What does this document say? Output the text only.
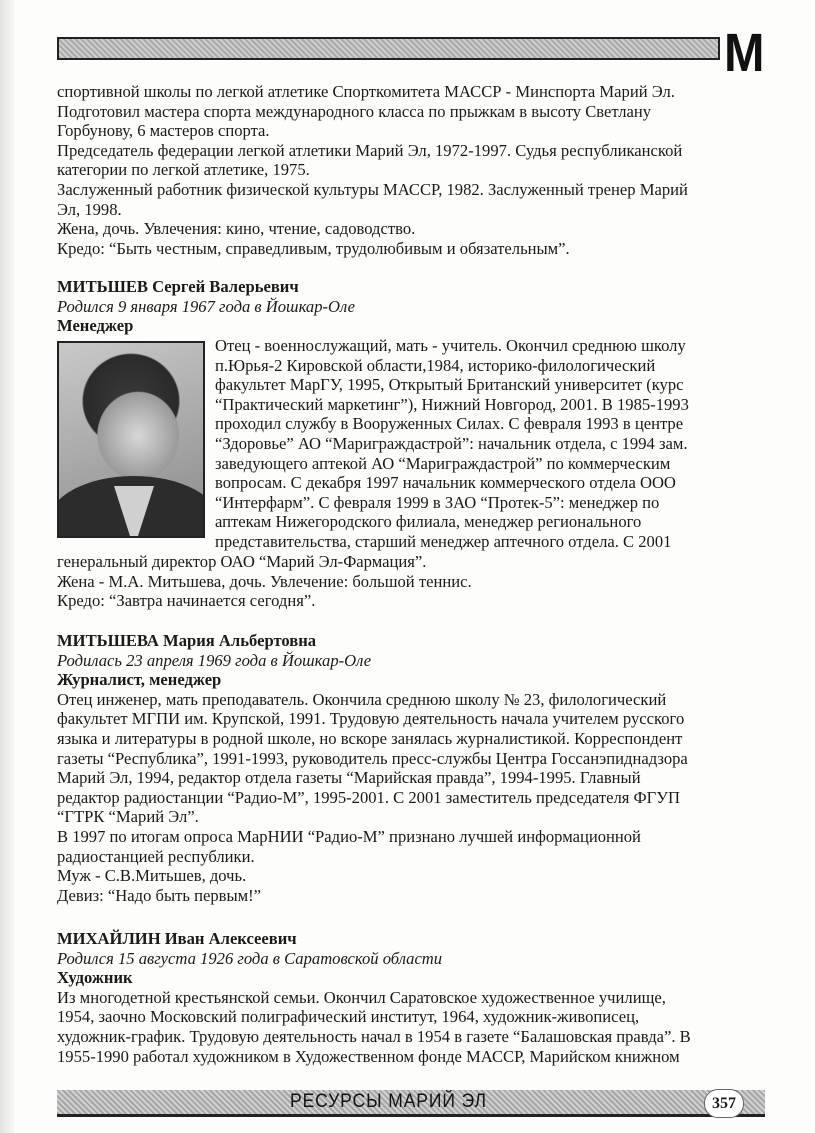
М
спортивной школы по легкой атлетике Спорткомитета МАССР - Минспорта Марий Эл.
Подготовил мастера спорта международного класса по прыжкам в высоту Светлану
Горбунову, 6 мастеров спорта.
Председатель федерации легкой атлетики Марий Эл, 1972-1997. Судья республиканской
категории по легкой атлетике, 1975.
Заслуженный работник физической культуры МАССР, 1982. Заслуженный тренер Марий
Эл, 1998.
Жена, дочь. Увлечения: кино, чтение, садоводство.
Кредо: “Быть честным, справедливым, трудолюбивым и обязательным”.
МИТЬШЕВ Сергей Валерьевич
Родился 9 января 1967 года в Йошкар-Оле
Менеджер
Отец - военнослужащий, мать - учитель. Окончил среднюю школу
п.Юрья-2 Кировской области,1984, историко-филологический
факультет МарГУ, 1995, Открытый Британский университет (курс
“Практический маркетинг”), Нижний Новгород, 2001. В 1985-1993
проходил службу в Вооруженных Силах. С февраля 1993 в центре
“Здоровье” АО “Мариграждастрой”: начальник отдела, с 1994 зам.
заведующего аптекой АО “Мариграждастрой” по коммерческим
вопросам. С декабря 1997 начальник коммерческого отдела ООО
“Интерфарм”. С февраля 1999 в ЗАО “Протек-5”: менеджер по
аптекам Нижегородского филиала, менеджер регионального
представительства, старший менеджер аптечного отдела. С 2001
генеральный директор ОАО “Марий Эл-Фармация”.
Жена - М.А. Митьшева, дочь. Увлечение: большой теннис.
Кредо: “Завтра начинается сегодня”.
МИТЬШЕВА Мария Альбертовна
Родилась 23 апреля 1969 года в Йошкар-Оле
Журналист, менеджер
Отец инженер, мать преподаватель. Окончила среднюю школу № 23, филологический
факультет МГПИ им. Крупской, 1991. Трудовую деятельность начала учителем русского
языка и литературы в родной школе, но вскоре занялась журналистикой. Корреспондент
газеты “Республика”, 1991-1993, руководитель пресс-службы Центра Госсанэпиднадзора
Марий Эл, 1994, редактор отдела газеты “Марийская правда”, 1994-1995. Главный
редактор радиостанции “Радио-М”, 1995-2001. С 2001 заместитель председателя ФГУП
“ГТРК “Марий Эл”.
В 1997 по итогам опроса МарНИИ “Радио-М” признано лучшей информационной
радиостанцией республики.
Муж - С.В.Митьшев, дочь.
Девиз: “Надо быть первым!”
МИХАЙЛИН Иван Алексеевич
Родился 15 августа 1926 года в Саратовской области
Художник
Из многодетной крестьянской семьи. Окончил Саратовское художественное училище,
1954, заочно Московский полиграфический институт, 1964, художник-живописец,
художник-график. Трудовую деятельность начал в 1954 в газете “Балашовская правда”. В
1955-1990 работал художником в Художественном фонде МАССР, Марийском книжном
РЕСУРСЫ МАРИЙ ЭЛ	357
